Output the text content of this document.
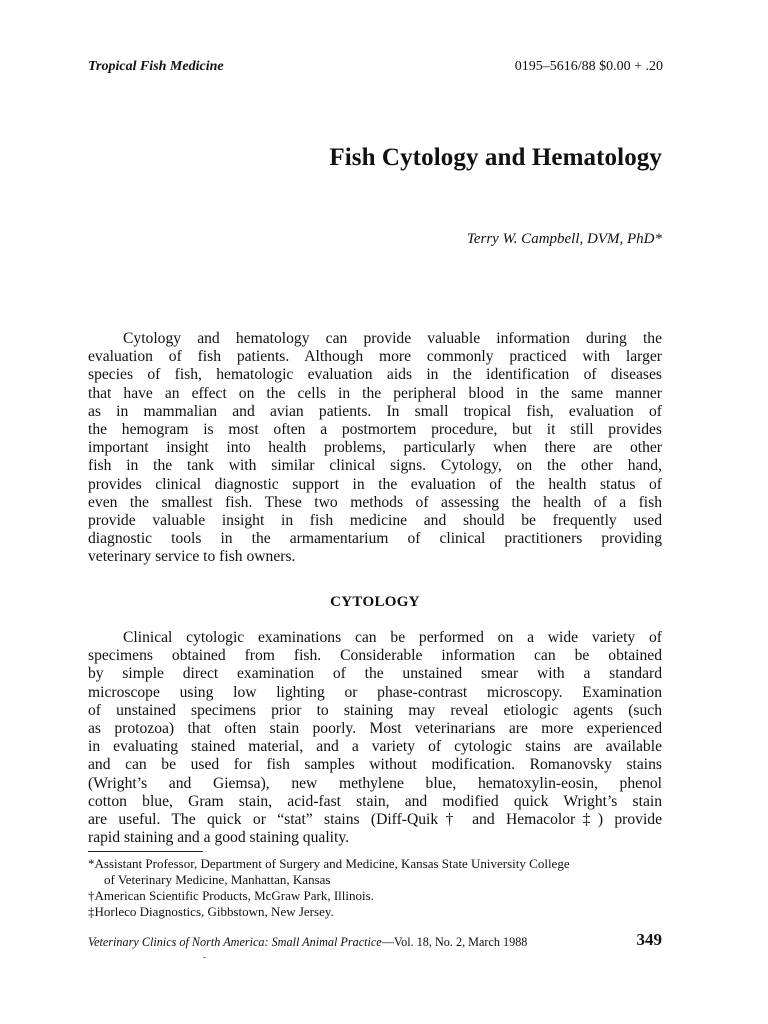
Tropical Fish Medicine	0195–5616/88 $0.00 + .20
Fish Cytology and Hematology
Terry W. Campbell, DVM, PhD*

Cytology and hematology can provide valuable information during the
evaluation of fish patients. Although more commonly practiced with larger
species of fish, hematologic evaluation aids in the identification of diseases
that have an effect on the cells in the peripheral blood in the same manner
as in mammalian and avian patients. In small tropical fish, evaluation of
the hemogram is most often a postmortem procedure, but it still provides
important insight into health problems, particularly when there are other
fish in the tank with similar clinical signs. Cytology, on the other hand,
provides clinical diagnostic support in the evaluation of the health status of
even the smallest fish. These two methods of assessing the health of a fish
provide valuable insight in fish medicine and should be frequently used
diagnostic tools in the armamentarium of clinical practitioners providing
veterinary service to fish owners.

CYTOLOGY

Clinical cytologic examinations can be performed on a wide variety of
specimens obtained from fish. Considerable information can be obtained
by simple direct examination of the unstained smear with a standard
microscope using low lighting or phase-contrast microscopy. Examination
of unstained specimens prior to staining may reveal etiologic agents (such
as protozoa) that often stain poorly. Most veterinarians are more experienced
in evaluating stained material, and a variety of cytologic stains are available
and can be used for fish samples without modification. Romanovsky stains
(Wright’s and Giemsa), new methylene blue, hematoxylin-eosin, phenol
cotton blue, Gram stain, acid-fast stain, and modified quick Wright’s stain
are useful. The quick or “stat” stains (Diff-Quik† and Hemacolor‡) provide
rapid staining and a good staining quality.

*Assistant Professor, Department of Surgery and Medicine, Kansas State University College
of Veterinary Medicine, Manhattan, Kansas
†American Scientific Products, McGraw Park, Illinois.
‡Horleco Diagnostics, Gibbstown, New Jersey.
Veterinary Clinics of North America: Small Animal Practice—Vol. 18, No. 2, March 1988	349
